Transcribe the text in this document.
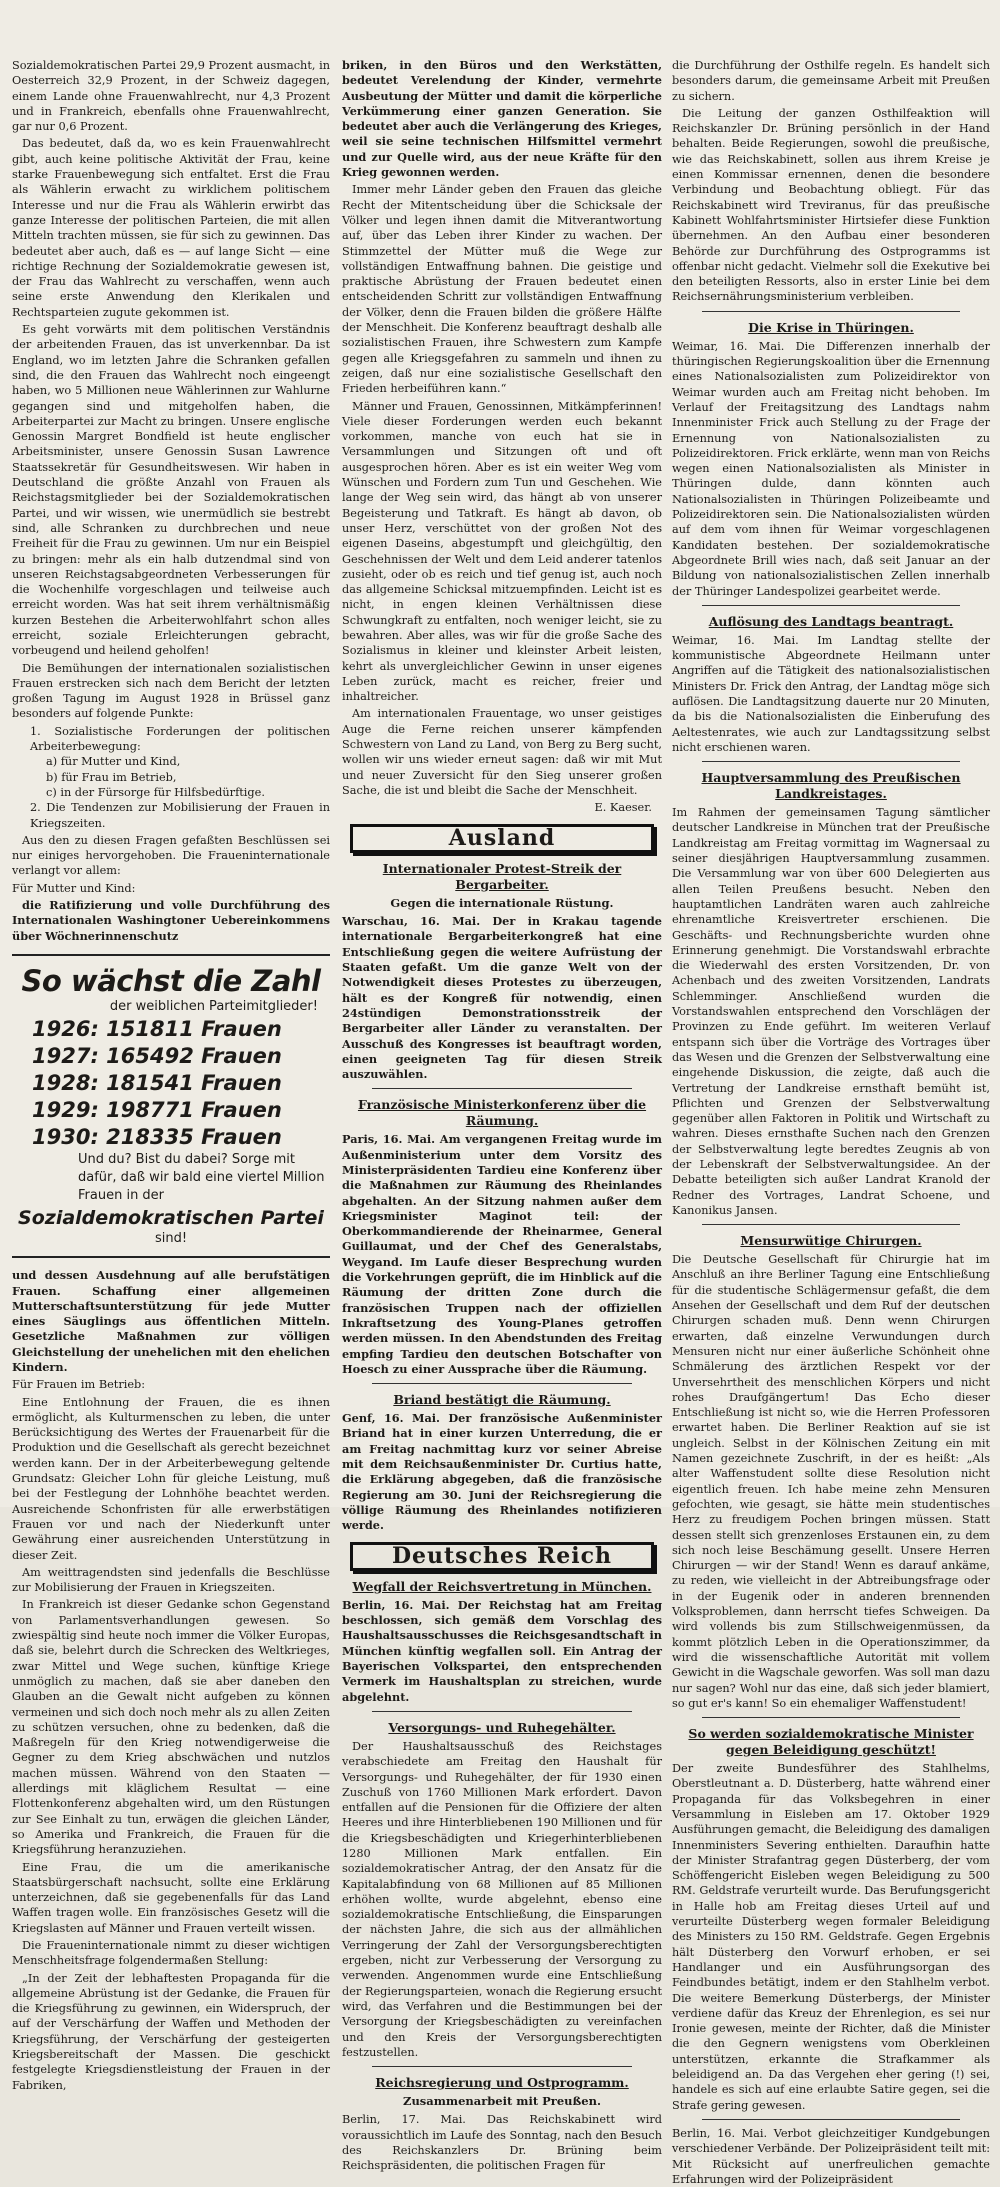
Sozialdemokratischen Partei 29,9 Prozent ausmacht, in Oesterreich 32,9 Prozent, in der Schweiz dagegen, einem Lande ohne Frauenwahlrecht, nur 4,3 Prozent und in Frankreich, ebenfalls ohne Frauenwahlrecht, gar nur 0,6 Prozent.

Das bedeutet, daß da, wo es kein Frauenwahlrecht gibt, auch keine politische Aktivität der Frau, keine starke Frauenbewegung sich entfaltet. Erst die Frau als Wählerin erwacht zu wirklichem politischem Interesse und nur die Frau als Wählerin erwirbt das ganze Interesse der politischen Parteien, die mit allen Mitteln trachten müssen, sie für sich zu gewinnen. Das bedeutet aber auch, daß es — auf lange Sicht — eine richtige Rechnung der Sozialdemokratie gewesen ist, der Frau das Wahlrecht zu verschaffen, wenn auch seine erste Anwendung den Klerikalen und Rechtsparteien zugute gekommen ist.

Es geht vorwärts mit dem politischen Verständnis der arbeitenden Frauen, das ist unverkennbar. Da ist England, wo im letzten Jahre die Schranken gefallen sind, die den Frauen das Wahlrecht noch eingeengt haben, wo 5 Millionen neue Wählerinnen zur Wahlurne gegangen sind und mitgeholfen haben, die Arbeiterpartei zur Macht zu bringen. Unsere englische Genossin Margret Bondfield ist heute englischer Arbeitsminister, unsere Genossin Susan Lawrence Staatssekretär für Gesundheitswesen. Wir haben in Deutschland die größte Anzahl von Frauen als Reichstagsmitglieder bei der Sozialdemokratischen Partei, und wir wissen, wie unermüdlich sie bestrebt sind, alle Schranken zu durchbrechen und neue Freiheit für die Frau zu gewinnen. Um nur ein Beispiel zu bringen: mehr als ein halb dutzendmal sind von unseren Reichstagsabgeordneten Verbesserungen für die Wochenhilfe vorgeschlagen und teilweise auch erreicht worden. Was hat seit ihrem verhältnismäßig kurzen Bestehen die Arbeiterwohlfahrt schon alles erreicht, soziale Erleichterungen gebracht, vorbeugend und heilend geholfen!

Die Bemühungen der internationalen sozialistischen Frauen erstrecken sich nach dem Bericht der letzten großen Tagung im August 1928 in Brüssel ganz besonders auf folgende Punkte:

1. Sozialistische Forderungen der politischen Arbeiterbewegung:
a) für Mutter und Kind,
b) für Frau im Betrieb,
c) in der Fürsorge für Hilfsbedürftige.
2. Die Tendenzen zur Mobilisierung der Frauen in Kriegszeiten.

Aus den zu diesen Fragen gefaßten Beschlüssen sei nur einiges hervorgehoben. Die Fraueninternationale verlangt vor allem:

Für Mutter und Kind:

die Ratifizierung und volle Durchführung des Internationalen Washingtoner Uebereinkommens über Wöchnerinnenschutz

So wächst die Zahl
der weiblichen Parteimitglieder!
1926: 151811 Frauen
1927: 165492 Frauen
1928: 181541 Frauen
1929: 198771 Frauen
1930: 218335 Frauen
Und du? Bist du dabei? Sorge mit dafür, daß wir bald eine viertel Million Frauen in der
Sozialdemokratischen Partei
sind!

und dessen Ausdehnung auf alle berufstätigen Frauen. Schaffung einer allgemeinen Mutterschaftsunterstützung für jede Mutter eines Säuglings aus öffentlichen Mitteln. Gesetzliche Maßnahmen zur völligen Gleichstellung der unehelichen mit den ehelichen Kindern.

Für Frauen im Betrieb:

Eine Entlohnung der Frauen, die es ihnen ermöglicht, als Kulturmenschen zu leben, die unter Berücksichtigung des Wertes der Frauenarbeit für die Produktion und die Gesellschaft als gerecht bezeichnet werden kann. Der in der Arbeiterbewegung geltende Grundsatz: Gleicher Lohn für gleiche Leistung, muß bei der Festlegung der Lohnhöhe beachtet werden. Ausreichende Schonfristen für alle erwerbstätigen Frauen vor und nach der Niederkunft unter Gewährung einer ausreichenden Unterstützung in dieser Zeit.

Am weittragendsten sind jedenfalls die Beschlüsse zur Mobilisierung der Frauen in Kriegszeiten.

In Frankreich ist dieser Gedanke schon Gegenstand von Parlamentsverhandlungen gewesen. So zwiespältig sind heute noch immer die Völker Europas, daß sie, belehrt durch die Schrecken des Weltkrieges, zwar Mittel und Wege suchen, künftige Kriege unmöglich zu machen, daß sie aber daneben den Glauben an die Gewalt nicht aufgeben zu können vermeinen und sich doch noch mehr als zu allen Zeiten zu schützen versuchen, ohne zu bedenken, daß die Maßregeln für den Krieg notwendigerweise die Gegner zu dem Krieg abschwächen und nutzlos machen müssen. Während von den Staaten — allerdings mit kläglichem Resultat — eine Flottenkonferenz abgehalten wird, um den Rüstungen zur See Einhalt zu tun, erwägen die gleichen Länder, so Amerika und Frankreich, die Frauen für die Kriegsführung heranzuziehen.

Eine Frau, die um die amerikanische Staatsbürgerschaft nachsucht, sollte eine Erklärung unterzeichnen, daß sie gegebenenfalls für das Land Waffen tragen wolle. Ein französisches Gesetz will die Kriegslasten auf Männer und Frauen verteilt wissen.

Die Fraueninternationale nimmt zu dieser wichtigen Menschheitsfrage folgendermaßen Stellung:

„In der Zeit der lebhaftesten Propaganda für die allgemeine Abrüstung ist der Gedanke, die Frauen für die Kriegsführung zu gewinnen, ein Widerspruch, der auf der Verschärfung der Waffen und Methoden der Kriegsführung, der Verschärfung der gesteigerten Kriegsbereitschaft der Massen. Die geschickt festgelegte Kriegsdienstleistung der Frauen in der Fabriken,

briken, in den Büros und den Werkstätten, bedeutet Verelendung der Kinder, vermehrte Ausbeutung der Mütter und damit die körperliche Verkümmerung einer ganzen Generation. Sie bedeutet aber auch die Verlängerung des Krieges, weil sie seine technischen Hilfsmittel vermehrt und zur Quelle wird, aus der neue Kräfte für den Krieg gewonnen werden.

Immer mehr Länder geben den Frauen das gleiche Recht der Mitentscheidung über die Schicksale der Völker und legen ihnen damit die Mitverantwortung auf, über das Leben ihrer Kinder zu wachen. Der Stimmzettel der Mütter muß die Wege zur vollständigen Entwaffnung bahnen. Die geistige und praktische Abrüstung der Frauen bedeutet einen entscheidenden Schritt zur vollständigen Entwaffnung der Völker, denn die Frauen bilden die größere Hälfte der Menschheit. Die Konferenz beauftragt deshalb alle sozialistischen Frauen, ihre Schwestern zum Kampfe gegen alle Kriegsgefahren zu sammeln und ihnen zu zeigen, daß nur eine sozialistische Gesellschaft den Frieden herbeiführen kann.“

Männer und Frauen, Genossinnen, Mitkämpferinnen! Viele dieser Forderungen werden euch bekannt vorkommen, manche von euch hat sie in Versammlungen und Sitzungen oft und oft ausgesprochen hören. Aber es ist ein weiter Weg vom Wünschen und Fordern zum Tun und Geschehen. Wie lange der Weg sein wird, das hängt ab von unserer Begeisterung und Tatkraft. Es hängt ab davon, ob unser Herz, verschüttet von der großen Not des eigenen Daseins, abgestumpft und gleichgültig, den Geschehnissen der Welt und dem Leid anderer tatenlos zusieht, oder ob es reich und tief genug ist, auch noch das allgemeine Schicksal mitzuempfinden. Leicht ist es nicht, in engen kleinen Verhältnissen diese Schwungkraft zu entfalten, noch weniger leicht, sie zu bewahren. Aber alles, was wir für die große Sache des Sozialismus in kleiner und kleinster Arbeit leisten, kehrt als unvergleichlicher Gewinn in unser eigenes Leben zurück, macht es reicher, freier und inhaltreicher.

Am internationalen Frauentage, wo unser geistiges Auge die Ferne reichen unserer kämpfenden Schwestern von Land zu Land, von Berg zu Berg sucht, wollen wir uns wieder erneut sagen: daß wir mit Mut und neuer Zuversicht für den Sieg unserer großen Sache, die ist und bleibt die Sache der Menschheit.

E. Kaeser.
Ausland
Internationaler Protest-Streik der Bergarbeiter.
Gegen die internationale Rüstung.

Warschau, 16. Mai. Der in Krakau tagende internationale Bergarbeiterkongreß hat eine Entschließung gegen die weitere Aufrüstung der Staaten gefaßt. Um die ganze Welt von der Notwendigkeit dieses Protestes zu überzeugen, hält es der Kongreß für notwendig, einen 24stündigen Demonstrationsstreik der Bergarbeiter aller Länder zu veranstalten. Der Ausschuß des Kongresses ist beauftragt worden, einen geeigneten Tag für diesen Streik auszuwählen.

Französische Ministerkonferenz über die Räumung.

Paris, 16. Mai. Am vergangenen Freitag wurde im Außenministerium unter dem Vorsitz des Ministerpräsidenten Tardieu eine Konferenz über die Maßnahmen zur Räumung des Rheinlandes abgehalten. An der Sitzung nahmen außer dem Kriegsminister Maginot teil: der Oberkommandierende der Rheinarmee, General Guillaumat, und der Chef des Generalstabs, Weygand. Im Laufe dieser Besprechung wurden die Vorkehrungen geprüft, die im Hinblick auf die Räumung der dritten Zone durch die französischen Truppen nach der offiziellen Inkraftsetzung des Young-Planes getroffen werden müssen. In den Abendstunden des Freitag empfing Tardieu den deutschen Botschafter von Hoesch zu einer Aussprache über die Räumung.

Briand bestätigt die Räumung.

Genf, 16. Mai. Der französische Außenminister Briand hat in einer kurzen Unterredung, die er am Freitag nachmittag kurz vor seiner Abreise mit dem Reichsaußenminister Dr. Curtius hatte, die Erklärung abgegeben, daß die französische Regierung am 30. Juni der Reichsregierung die völlige Räumung des Rheinlandes notifizieren werde.

Deutsches Reich
Wegfall der Reichsvertretung in München.

Berlin, 16. Mai. Der Reichstag hat am Freitag beschlossen, sich gemäß dem Vorschlag des Haushaltsausschusses die Reichsgesandtschaft in München künftig wegfallen soll. Ein Antrag der Bayerischen Volkspartei, den entsprechenden Vermerk im Haushaltsplan zu streichen, wurde abgelehnt.

Versorgungs- und Ruhegehälter.

Der Haushaltsausschuß des Reichstages verabschiedete am Freitag den Haushalt für Versorgungs- und Ruhegehälter, der für 1930 einen Zuschuß von 1760 Millionen Mark erfordert. Davon entfallen auf die Pensionen für die Offiziere der alten Heeres und ihre Hinterbliebenen 190 Millionen und für die Kriegsbeschädigten und Kriegerhinterbliebenen 1280 Millionen Mark entfallen. Ein sozialdemokratischer Antrag, der den Ansatz für die Kapitalabfindung von 68 Millionen auf 85 Millionen erhöhen wollte, wurde abgelehnt, ebenso eine sozialdemokratische Entschließung, die Einsparungen der nächsten Jahre, die sich aus der allmählichen Verringerung der Zahl der Versorgungsberechtigten ergeben, nicht zur Verbesserung der Versorgung zu verwenden. Angenommen wurde eine Entschließung der Regierungsparteien, wonach die Regierung ersucht wird, das Verfahren und die Bestimmungen bei der Versorgung der Kriegsbeschädigten zu vereinfachen und den Kreis der Versorgungsberechtigten festzustellen.

Reichsregierung und Ostprogramm.
Zusammenarbeit mit Preußen.

Berlin, 17. Mai. Das Reichskabinett wird voraussichtlich im Laufe des Sonntag, nach den Besuch des Reichskanzlers Dr. Brüning beim Reichspräsidenten, die politischen Fragen für

die Durchführung der Osthilfe regeln. Es handelt sich besonders darum, die gemeinsame Arbeit mit Preußen zu sichern.

Die Leitung der ganzen Osthilfeaktion will Reichskanzler Dr. Brüning persönlich in der Hand behalten. Beide Regierungen, sowohl die preußische, wie das Reichskabinett, sollen aus ihrem Kreise je einen Kommissar ernennen, denen die besondere Verbindung und Beobachtung obliegt. Für das Reichskabinett wird Treviranus, für das preußische Kabinett Wohlfahrtsminister Hirtsiefer diese Funktion übernehmen. An den Aufbau einer besonderen Behörde zur Durchführung des Ostprogramms ist offenbar nicht gedacht. Vielmehr soll die Exekutive bei den beteiligten Ressorts, also in erster Linie bei dem Reichsernährungsministerium verbleiben.

Die Krise in Thüringen.

Weimar, 16. Mai. Die Differenzen innerhalb der thüringischen Regierungskoalition über die Ernennung eines Nationalsozialisten zum Polizeidirektor von Weimar wurden auch am Freitag nicht behoben. Im Verlauf der Freitagsitzung des Landtags nahm Innenminister Frick auch Stellung zu der Frage der Ernennung von Nationalsozialisten zu Polizeidirektoren. Frick erklärte, wenn man von Reichs wegen einen Nationalsozialisten als Minister in Thüringen dulde, dann könnten auch Nationalsozialisten in Thüringen Polizeibeamte und Polizeidirektoren sein. Die Nationalsozialisten würden auf dem vom ihnen für Weimar vorgeschlagenen Kandidaten bestehen. Der sozialdemokratische Abgeordnete Brill wies nach, daß seit Januar an der Bildung von nationalsozialistischen Zellen innerhalb der Thüringer Landespolizei gearbeitet werde.

Auflösung des Landtags beantragt.

Weimar, 16. Mai. Im Landtag stellte der kommunistische Abgeordnete Heilmann unter Angriffen auf die Tätigkeit des nationalsozialistischen Ministers Dr. Frick den Antrag, der Landtag möge sich auflösen. Die Landtagsitzung dauerte nur 20 Minuten, da bis die Nationalsozialisten die Einberufung des Aeltestenrates, wie auch zur Landtagssitzung selbst nicht erschienen waren.

Hauptversammlung des Preußischen Landkreistages.

Im Rahmen der gemeinsamen Tagung sämtlicher deutscher Landkreise in München trat der Preußische Landkreistag am Freitag vormittag im Wagnersaal zu seiner diesjährigen Hauptversammlung zusammen. Die Versammlung war von über 600 Delegierten aus allen Teilen Preußens besucht. Neben den hauptamtlichen Landräten waren auch zahlreiche ehrenamtliche Kreisvertreter erschienen. Die Geschäfts- und Rechnungsberichte wurden ohne Erinnerung genehmigt. Die Vorstandswahl erbrachte die Wiederwahl des ersten Vorsitzenden, Dr. von Achenbach und des zweiten Vorsitzenden, Landrats Schlemminger. Anschließend wurden die Vorstandswahlen entsprechend den Vorschlägen der Provinzen zu Ende geführt. Im weiteren Verlauf entspann sich über die Vorträge des Vortrages über das Wesen und die Grenzen der Selbstverwaltung eine eingehende Diskussion, die zeigte, daß auch die Vertretung der Landkreise ernsthaft bemüht ist, Pflichten und Grenzen der Selbstverwaltung gegenüber allen Faktoren in Politik und Wirtschaft zu wahren. Dieses ernsthafte Suchen nach den Grenzen der Selbstverwaltung legte beredtes Zeugnis ab von der Lebenskraft der Selbstverwaltungsidee. An der Debatte beteiligten sich außer Landrat Kranold der Redner des Vortrages, Landrat Schoene, und Kanonikus Jansen.

Mensurwütige Chirurgen.

Die Deutsche Gesellschaft für Chirurgie hat im Anschluß an ihre Berliner Tagung eine Entschließung für die studentische Schlägermensur gefaßt, die dem Ansehen der Gesellschaft und dem Ruf der deutschen Chirurgen schaden muß. Denn wenn Chirurgen erwarten, daß einzelne Verwundungen durch Mensuren nicht nur einer äußerliche Schönheit ohne Schmälerung des ärztlichen Respekt vor der Unversehrtheit des menschlichen Körpers und nicht rohes Draufgängertum! Das Echo dieser Entschließung ist nicht so, wie die Herren Professoren erwartet haben. Die Berliner Reaktion auf sie ist ungleich. Selbst in der Kölnischen Zeitung ein mit Namen gezeichnete Zuschrift, in der es heißt: „Als alter Waffenstudent sollte diese Resolution nicht eigentlich freuen. Ich habe meine zehn Mensuren gefochten, wie gesagt, sie hätte mein studentisches Herz zu freudigem Pochen bringen müssen. Statt dessen stellt sich grenzenloses Erstaunen ein, zu dem sich noch leise Beschämung gesellt. Unsere Herren Chirurgen — wir der Stand! Wenn es darauf ankäme, zu reden, wie vielleicht in der Abtreibungsfrage oder in der Eugenik oder in anderen brennenden Volksproblemen, dann herrscht tiefes Schweigen. Da wird vollends bis zum Stillschweigenmüssen, da kommt plötzlich Leben in die Operationszimmer, da wird die wissenschaftliche Autorität mit vollem Gewicht in die Wagschale geworfen. Was soll man dazu nur sagen? Wohl nur das eine, daß sich jeder blamiert, so gut er's kann! So ein ehemaliger Waffenstudent!

So werden sozialdemokratische Minister gegen Beleidigung geschützt!

Der zweite Bundesführer des Stahlhelms, Oberstleutnant a. D. Düsterberg, hatte während einer Propaganda für das Volksbegehren in einer Versammlung in Eisleben am 17. Oktober 1929 Ausführungen gemacht, die Beleidigung des damaligen Innenministers Severing enthielten. Daraufhin hatte der Minister Strafantrag gegen Düsterberg, der vom Schöffengericht Eisleben wegen Beleidigung zu 500 RM. Geldstrafe verurteilt wurde. Das Berufungsgericht in Halle hob am Freitag dieses Urteil auf und verurteilte Düsterberg wegen formaler Beleidigung des Ministers zu 150 RM. Geldstrafe. Gegen Ergebnis hält Düsterberg den Vorwurf erhoben, er sei Handlanger und ein Ausführungsorgan des Feindbundes betätigt, indem er den Stahlhelm verbot. Die weitere Bemerkung Düsterbergs, der Minister verdiene dafür das Kreuz der Ehrenlegion, es sei nur Ironie gewesen, meinte der Richter, daß die Minister die den Gegnern wenigstens vom Oberkleinen unterstützen, erkannte die Strafkammer als beleidigend an. Da das Vergehen eher gering (!) sei, handele es sich auf eine erlaubte Satire gegen, sei die Strafe gering gewesen.

Berlin, 16. Mai. Verbot gleichzeitiger Kundgebungen verschiedener Verbände. Der Polizeipräsident teilt mit: Mit Rücksicht auf unerfreulichen gemachte Erfahrungen wird der Polizeipräsident
